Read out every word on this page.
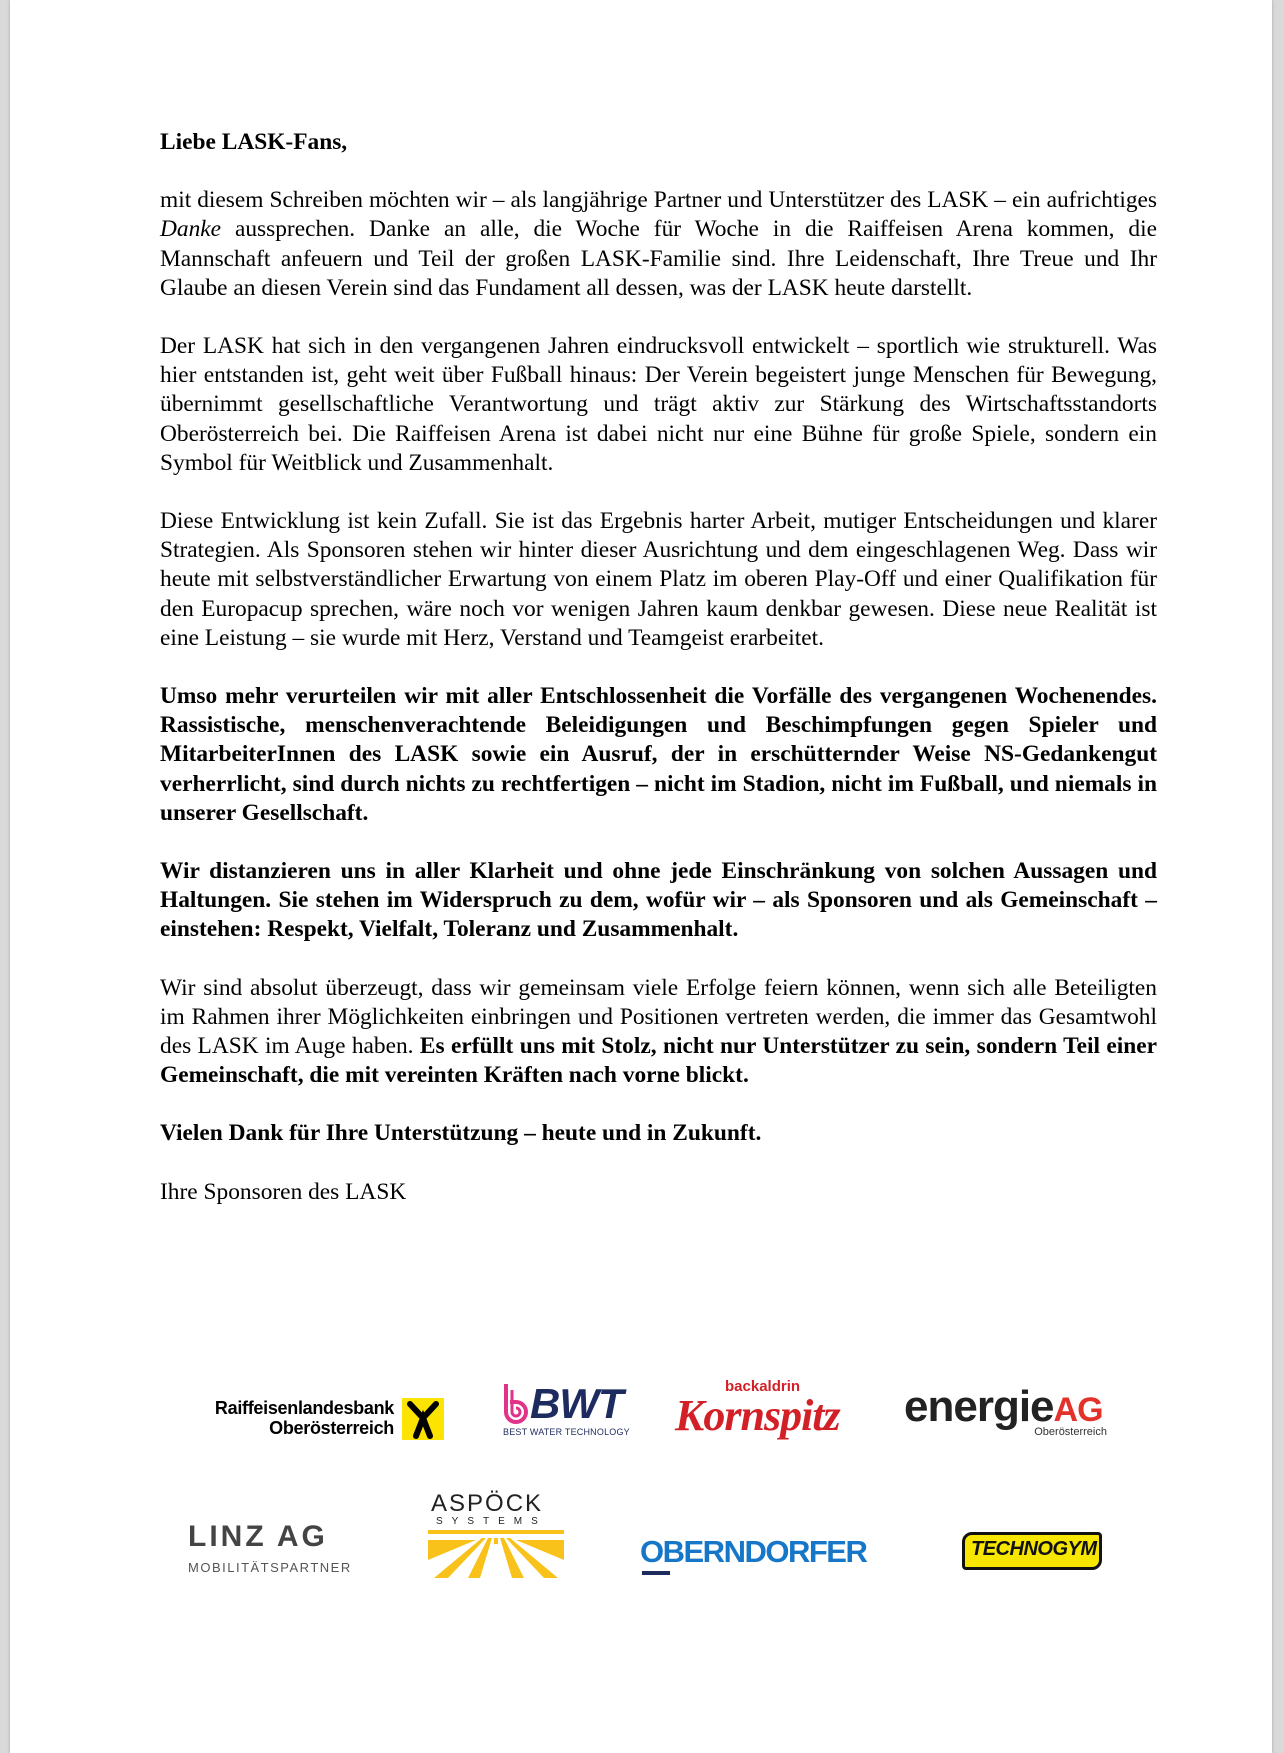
Liebe LASK-Fans,

mit diesem Schreiben möchten wir – als langjährige Partner und Unterstützer des LASK – ein aufrichtiges Danke aussprechen. Danke an alle, die Woche für Woche in die Raiffeisen Arena kommen, die Mannschaft anfeuern und Teil der großen LASK-Familie sind. Ihre Leidenschaft, Ihre Treue und Ihr Glaube an diesen Verein sind das Fundament all dessen, was der LASK heute darstellt.

Der LASK hat sich in den vergangenen Jahren eindrucksvoll entwickelt – sportlich wie strukturell. Was hier entstanden ist, geht weit über Fußball hinaus: Der Verein begeistert junge Menschen für Bewegung, übernimmt gesellschaftliche Verantwortung und trägt aktiv zur Stärkung des Wirtschaftsstandorts Oberösterreich bei. Die Raiffeisen Arena ist dabei nicht nur eine Bühne für große Spiele, sondern ein Symbol für Weitblick und Zusammenhalt.

Diese Entwicklung ist kein Zufall. Sie ist das Ergebnis harter Arbeit, mutiger Entscheidungen und klarer Strategien. Als Sponsoren stehen wir hinter dieser Ausrichtung und dem eingeschlagenen Weg. Dass wir heute mit selbstverständlicher Erwartung von einem Platz im oberen Play-Off und einer Qualifikation für den Europacup sprechen, wäre noch vor wenigen Jahren kaum denkbar gewesen. Diese neue Realität ist eine Leistung – sie wurde mit Herz, Verstand und Teamgeist erarbeitet.

Umso mehr verurteilen wir mit aller Entschlossenheit die Vorfälle des vergangenen Wochenendes. Rassistische, menschenverachtende Beleidigungen und Beschimpfungen gegen Spieler und MitarbeiterInnen des LASK sowie ein Ausruf, der in erschütternder Weise NS-Gedankengut verherrlicht, sind durch nichts zu rechtfertigen – nicht im Stadion, nicht im Fußball, und niemals in unserer Gesellschaft.

Wir distanzieren uns in aller Klarheit und ohne jede Einschränkung von solchen Aussagen und Haltungen. Sie stehen im Widerspruch zu dem, wofür wir – als Sponsoren und als Gemeinschaft – einstehen: Respekt, Vielfalt, Toleranz und Zusammenhalt.

Wir sind absolut überzeugt, dass wir gemeinsam viele Erfolge feiern können, wenn sich alle Beteiligten im Rahmen ihrer Möglichkeiten einbringen und Positionen vertreten werden, die immer das Gesamtwohl des LASK im Auge haben. Es erfüllt uns mit Stolz, nicht nur Unterstützer zu sein, sondern Teil einer Gemeinschaft, die mit vereinten Kräften nach vorne blickt.

Vielen Dank für Ihre Unterstützung – heute und in Zukunft.

Ihre Sponsoren des LASK

Raiffeisenlandesbank
Oberösterreich
BWT
BEST WATER TECHNOLOGY
backaldrin
Kornspitz energieAG
Oberösterreich
LINZ AG
MOBILITÄTSPARTNER
ASPÖCK
SYSTEMS
OBERNDORFER	TECHNOGYM
